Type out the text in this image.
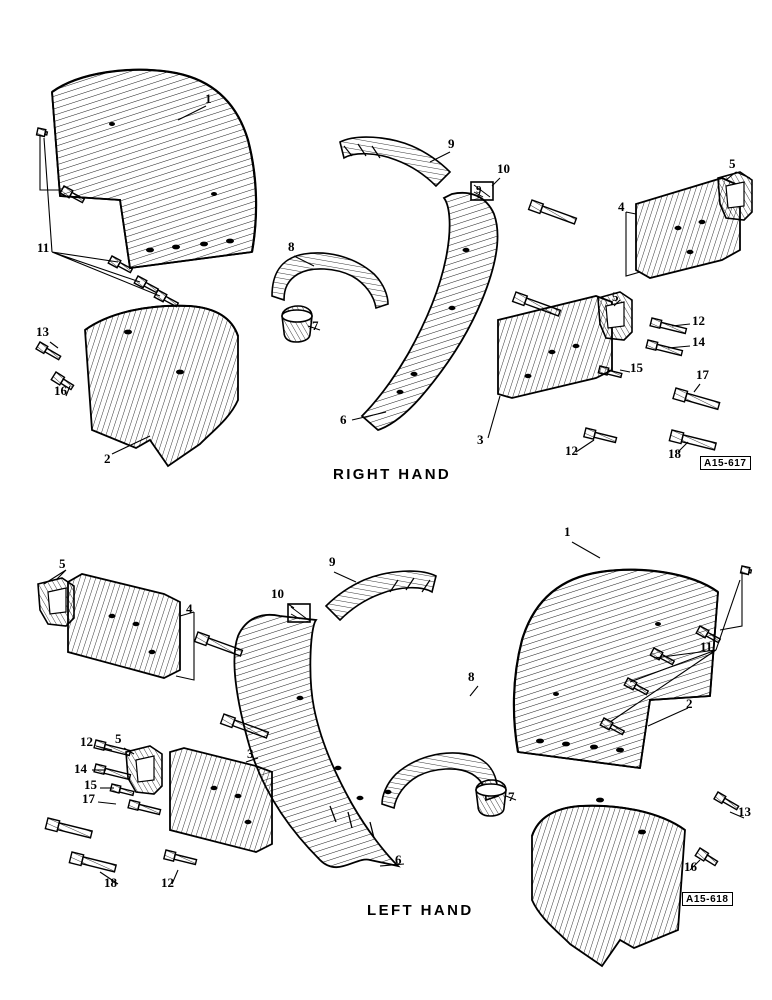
1
9
10
9
5
4
8
11
13
5
12
7
14
15
16
17
6
3
2
12	18
RIGHT HAND
A15-617
1
9
5
10
4
11
8
2
12 5
3
14
15
7
17
13
6	16
18	12
LEFT HAND
A15-618
